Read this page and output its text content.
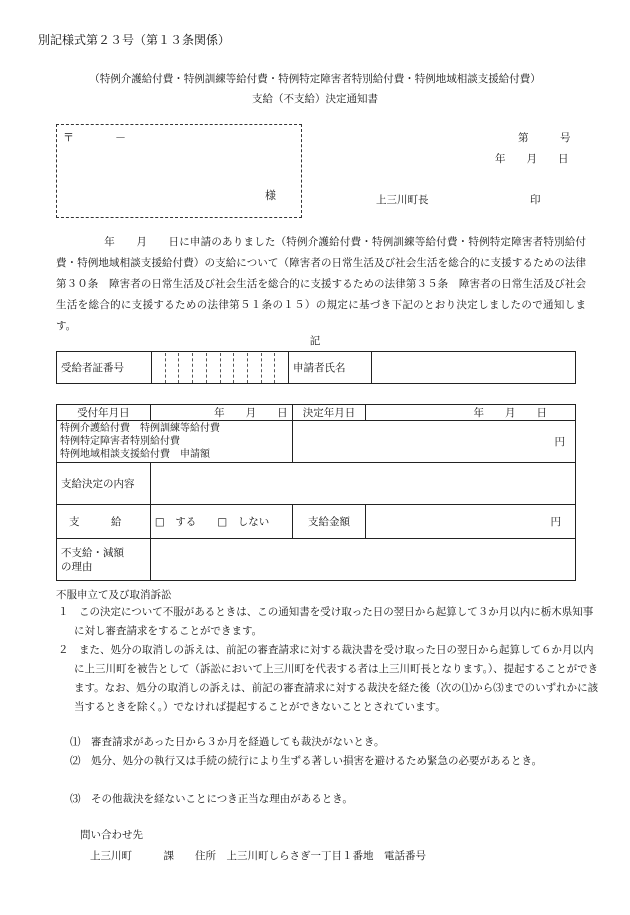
別記様式第２３号（第１３条関係）
（特例介護給付費・特例訓練等給付費・特例特定障害者特別給付費・特例地域相談支援給付費）
支給（不支給）決定通知書
〒	－
様
第　　　号
年　　月　　日
上三川町長	印
年　　月　　日に申請のありました（特例介護給付費・特例訓練等給付費・特例特定障害者特別給付費・特例地域相談支援給付費）の支給について（障害者の日常生活及び社会生活を総合的に支援するための法律第３０条　障害者の日常生活及び社会生活を総合的に支援するための法律第３５条　障害者の日常生活及び社会生活を総合的に支援するための法律第５１条の１５）の規定に基づき下記のとおり決定しましたので通知します。
記
受給者証番号		申請者氏名	
受付年月日	年　　月　　日	決定年月日	年　　月　　日

特例介護給付費　特例訓練等給付費
特例特定障害者特別給付費
特例地域相談支援給付費　申請額		円	
支給決定の内容			
支　　　給	□　する　　□　しない	支給金額	円

不支給・減額
の理由			

不服申立て及び取消訴訟
１　この決定について不服があるときは、この通知書を受け取った日の翌日から起算して３か月以内に栃木県知事に対し審査請求をすることができます。
２　また、処分の取消しの訴えは、前記の審査請求に対する裁決書を受け取った日の翌日から起算して６か月以内に上三川町を被告として（訴訟において上三川町を代表する者は上三川町長となります。）、提起することができます。なお、処分の取消しの訴えは、前記の審査請求に対する裁決を経た後（次の⑴から⑶までのいずれかに該当するときを除く。）でなければ提起することができないこととされています。
⑴　審査請求があった日から３か月を経過しても裁決がないとき。
⑵　処分、処分の執行又は手続の続行により生ずる著しい損害を避けるため緊急の必要があるとき。
⑶　その他裁決を経ないことにつき正当な理由があるとき。
問い合わせ先
上三川町　　　課　　住所　上三川町しらさぎ一丁目１番地　電話番号
